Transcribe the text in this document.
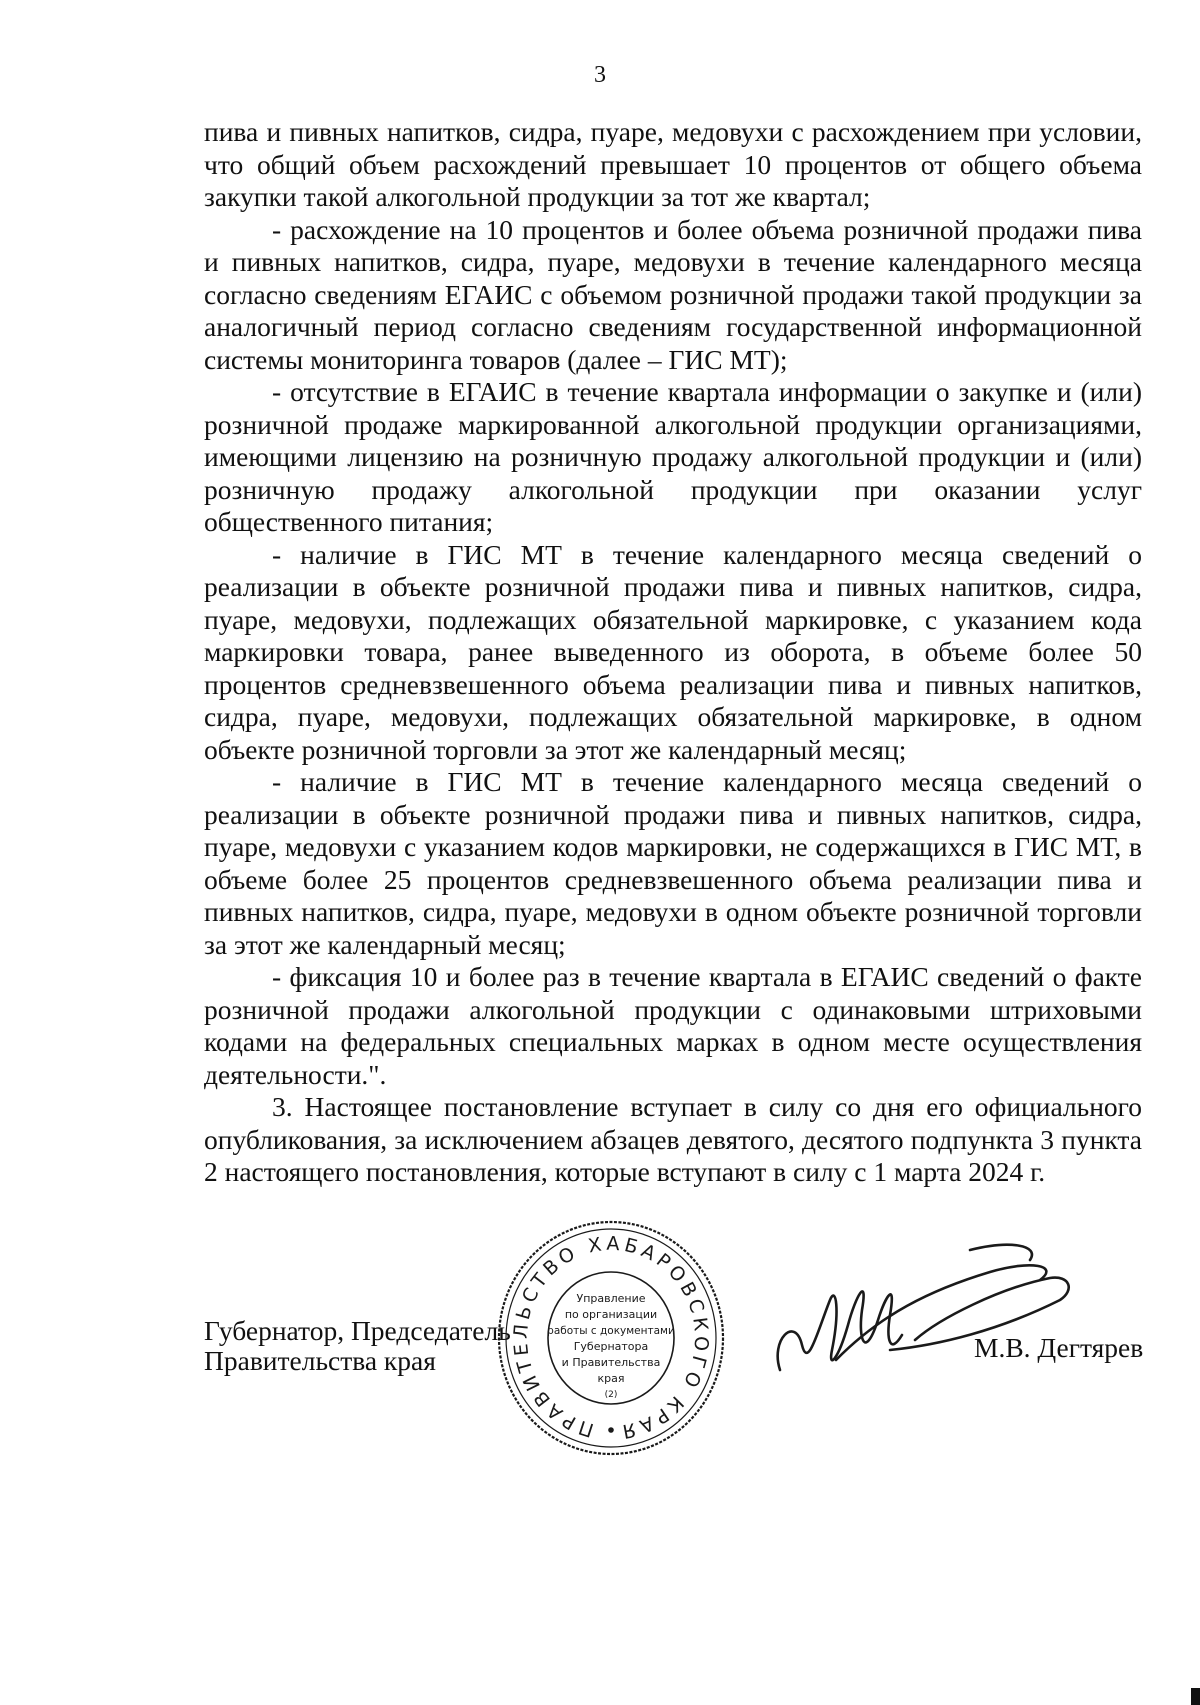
3

пива и пивных напитков, сидра, пуаре, медовухи с расхождением при условии, что общий объем расхождений превышает 10 процентов от общего объема закупки такой алкогольной продукции за тот же квартал;

- расхождение на 10 процентов и более объема розничной продажи пива и пивных напитков, сидра, пуаре, медовухи в течение календарного месяца согласно сведениям ЕГАИС с объемом розничной продажи такой продукции за аналогичный период согласно сведениям государственной информационной системы мониторинга товаров (далее – ГИС МТ);

- отсутствие в ЕГАИС в течение квартала информации о закупке и (или) розничной продаже маркированной алкогольной продукции организациями, имеющими лицензию на розничную продажу алкогольной продукции и (или) розничную продажу алкогольной продукции при оказании услуг общественного питания;

- наличие в ГИС МТ в течение календарного месяца сведений о реализации в объекте розничной продажи пива и пивных напитков, сидра, пуаре, медовухи, подлежащих обязательной маркировке, с указанием кода маркировки товара, ранее выведенного из оборота, в объеме более 50 процентов средневзвешенного объема реализации пива и пивных напитков, сидра, пуаре, медовухи, подлежащих обязательной маркировке, в одном объекте розничной торговли за этот же календарный месяц;

- наличие в ГИС МТ в течение календарного месяца сведений о реализации в объекте розничной продажи пива и пивных напитков, сидра, пуаре, медовухи с указанием кодов маркировки, не содержащихся в ГИС МТ, в объеме более 25 процентов средневзвешенного объема реализации пива и пивных напитков, сидра, пуаре, медовухи в одном объекте розничной торговли за этот же календарный месяц;

- фиксация 10 и более раз в течение квартала в ЕГАИС сведений о факте розничной продажи алкогольной продукции с одинаковыми штриховыми кодами на федеральных специальных марках в одном месте осуществления деятельности.".

3. Настоящее постановление вступает в силу со дня его официального опубликования, за исключением абзацев девятого, десятого подпункта 3 пункта 2 настоящего постановления, которые вступают в силу с 1 марта 2024 г.

Губернатор, Председатель
Правительства края
ПРАВИТЕЛЬСТВО ХАБАРОВСКОГО КРАЯ
Управление
по организации
работы с документами
Губернатора
и Правительства
края
(2)
М.В. Дегтярев
